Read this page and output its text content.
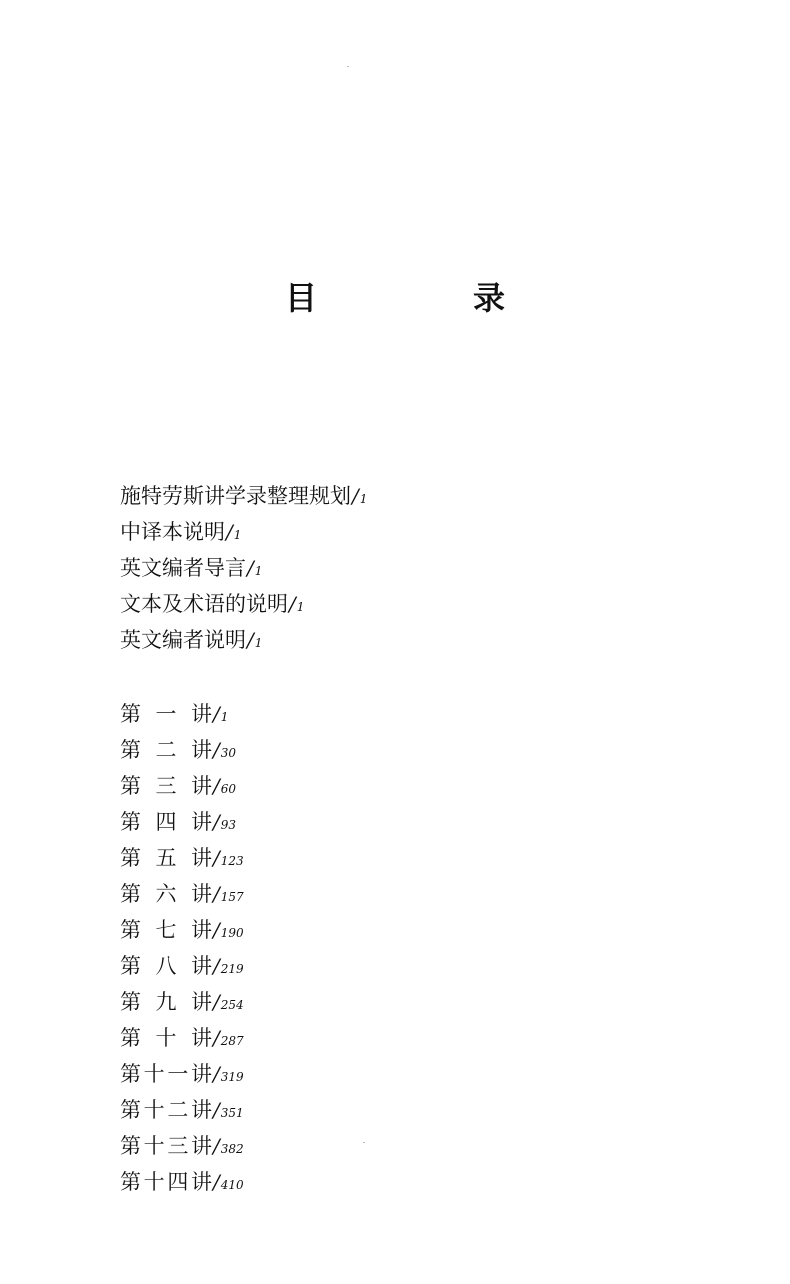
目　录
施特劳斯讲学录整理规划/1
中译本说明/1
英文编者导言/1
文本及术语的说明/1
英文编者说明/1
第一讲/1
第二讲/30
第三讲/60
第四讲/93
第五讲/123
第六讲/157
第七讲/190
第八讲/219
第九讲/254
第十讲/287
第十一讲/319
第十二讲/351
第十三讲/382
第十四讲/410
